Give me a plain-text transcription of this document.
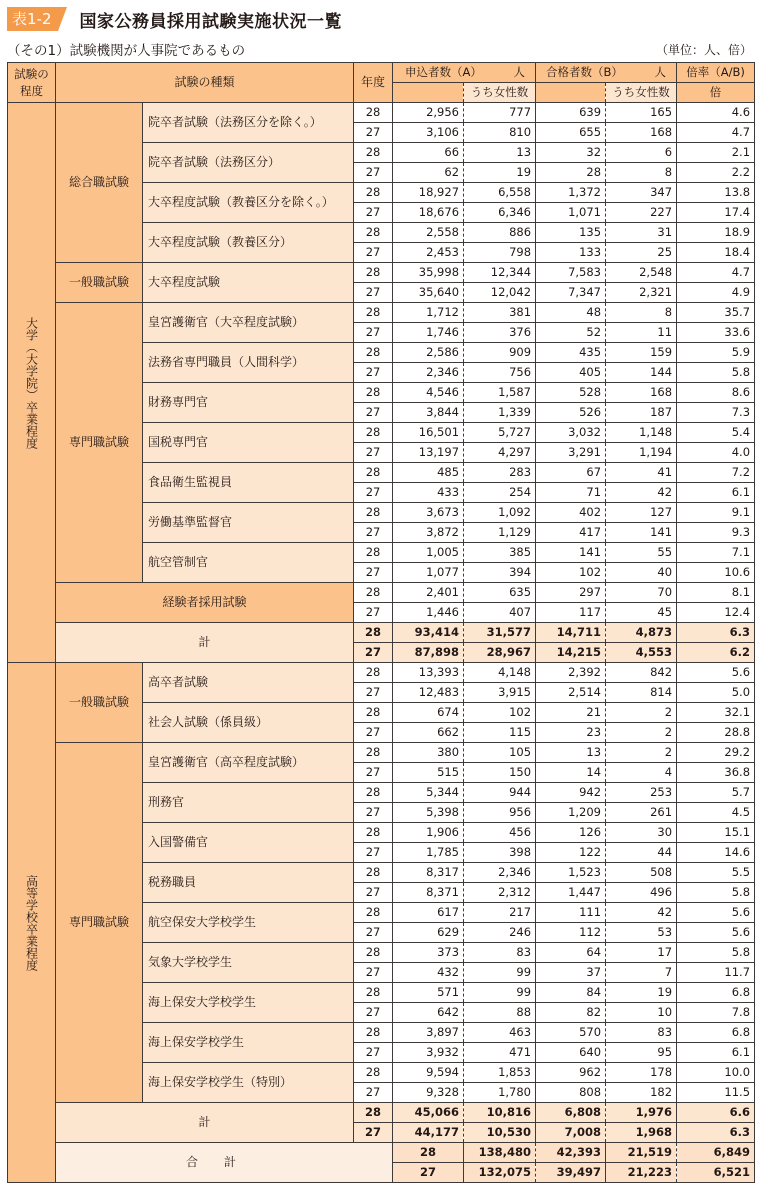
表1-2	国家公務員採用試験実施状況一覧
（その1）試験機関が人事院であるもの	（単位：人、倍）
試験の
程度	試験の種類		年度	申込者数（A） 人		合格者数（B） 人		倍率（A/B)	
					うち女性数		うち女性数	倍	
大学（大学院）卒業程度	総合職試験	院卒者試験（法務区分を除く。）	28	2,956	777	639	165	4.6	
			27	3,106	810	655	168	4.7	
		院卒者試験（法務区分）	28	66	13	32	6	2.1	
			27	62	19	28	8	2.2	
		大卒程度試験（教養区分を除く。）	28	18,927	6,558	1,372	347	13.8	
			27	18,676	6,346	1,071	227	17.4	
		大卒程度試験（教養区分）	28	2,558	886	135	31	18.9	
			27	2,453	798	133	25	18.4	
	一般職試験	大卒程度試験	28	35,998	12,344	7,583	2,548	4.7	
			27	35,640	12,042	7,347	2,321	4.9	
	専門職試験	皇宮護衛官（大卒程度試験）	28	1,712	381	48	8	35.7	
			27	1,746	376	52	11	33.6	
		法務省専門職員（人間科学）	28	2,586	909	435	159	5.9	
			27	2,346	756	405	144	5.8	
		財務専門官	28	4,546	1,587	528	168	8.6	
			27	3,844	1,339	526	187	7.3	
		国税専門官	28	16,501	5,727	3,032	1,148	5.4	
			27	13,197	4,297	3,291	1,194	4.0	
		食品衛生監視員	28	485	283	67	41	7.2	
			27	433	254	71	42	6.1	
		労働基準監督官	28	3,673	1,092	402	127	9.1	
			27	3,872	1,129	417	141	9.3	
		航空管制官	28	1,005	385	141	55	7.1	
			27	1,077	394	102	40	10.6	
	経験者採用試験		28	2,401	635	297	70	8.1	
			27	1,446	407	117	45	12.4	
	計		28	93,414	31,577	14,711	4,873	6.3	
			27	87,898	28,967	14,215	4,553	6.2	
高等学校卒業程度	一般職試験	高卒者試験	28	13,393	4,148	2,392	842	5.6	
			27	12,483	3,915	2,514	814	5.0	
		社会人試験（係員級）	28	674	102	21	2	32.1	
			27	662	115	23	2	28.8	
	専門職試験	皇宮護衛官（高卒程度試験）	28	380	105	13	2	29.2	
			27	515	150	14	4	36.8	
		刑務官	28	5,344	944	942	253	5.7	
			27	5,398	956	1,209	261	4.5	
		入国警備官	28	1,906	456	126	30	15.1	
			27	1,785	398	122	44	14.6	
		税務職員	28	8,317	2,346	1,523	508	5.5	
			27	8,371	2,312	1,447	496	5.8	
		航空保安大学校学生	28	617	217	111	42	5.6	
			27	629	246	112	53	5.6	
		気象大学校学生	28	373	83	64	17	5.8	
			27	432	99	37	7	11.7	
		海上保安大学校学生	28	571	99	84	19	6.8	
			27	642	88	82	10	7.8	
		海上保安学校学生	28	3,897	463	570	83	6.8	
			27	3,932	471	640	95	6.1	
		海上保安学校学生（特別）	28	9,594	1,853	962	178	10.0	
			27	9,328	1,780	808	182	11.5	
	計		28	45,066	10,816	6,808	1,976	6.6	
			27	44,177	10,530	7,008	1,968	6.3	
	合計			28	138,480	42,393	21,519	6,849	
				27	132,075	39,497	21,223	6,521	
